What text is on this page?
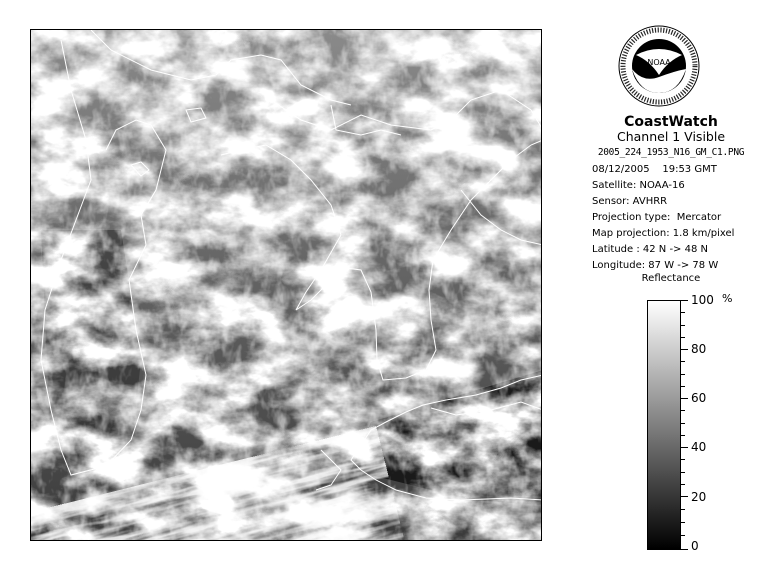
NOAA
CoastWatch
Channel 1 Visible
2005_224_1953_N16_GM_C1.PNG
08/12/2005    19:53 GMT
Satellite: NOAA-16
Sensor: AVHRR
Projection type:  Mercator
Map projection: 1.8 km/pixel
Latitude : 42 N -> 48 N
Longitude: 87 W -> 78 W
Reflectance
%
100
80
60
40
20
0
